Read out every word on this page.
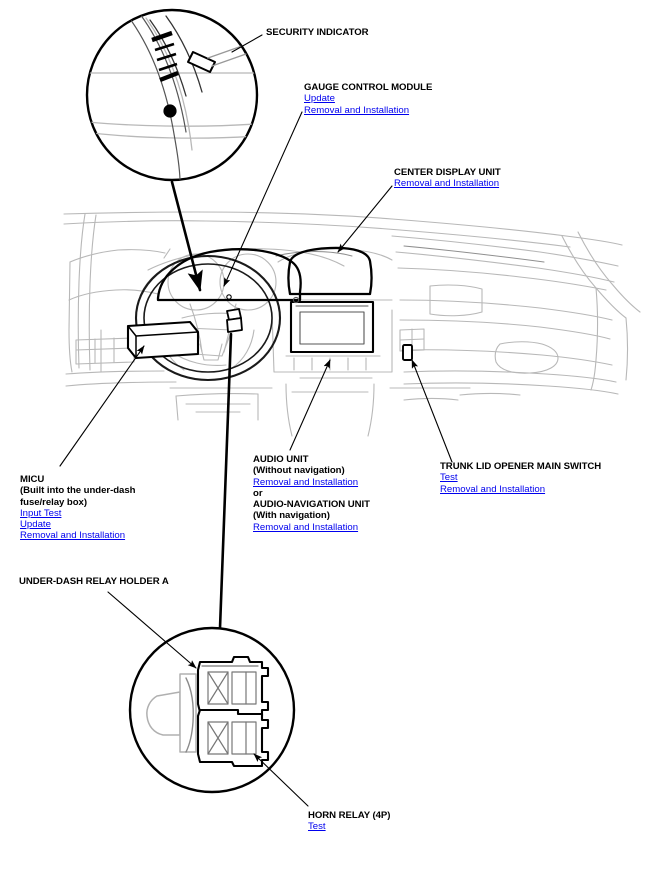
SECURITY INDICATOR
GAUGE CONTROL MODULE
Update
Removal and Installation
CENTER DISPLAY UNIT
Removal and Installation
MICU
(Built into the under-dash
fuse/relay box)
Input Test
Update
Removal and Installation
AUDIO UNIT
(Without navigation)
Removal and Installation
or
AUDIO-NAVIGATION UNIT
(With navigation)
Removal and Installation
TRUNK LID OPENER MAIN SWITCH
Test
Removal and Installation
UNDER-DASH RELAY HOLDER A
HORN RELAY (4P)
Test
